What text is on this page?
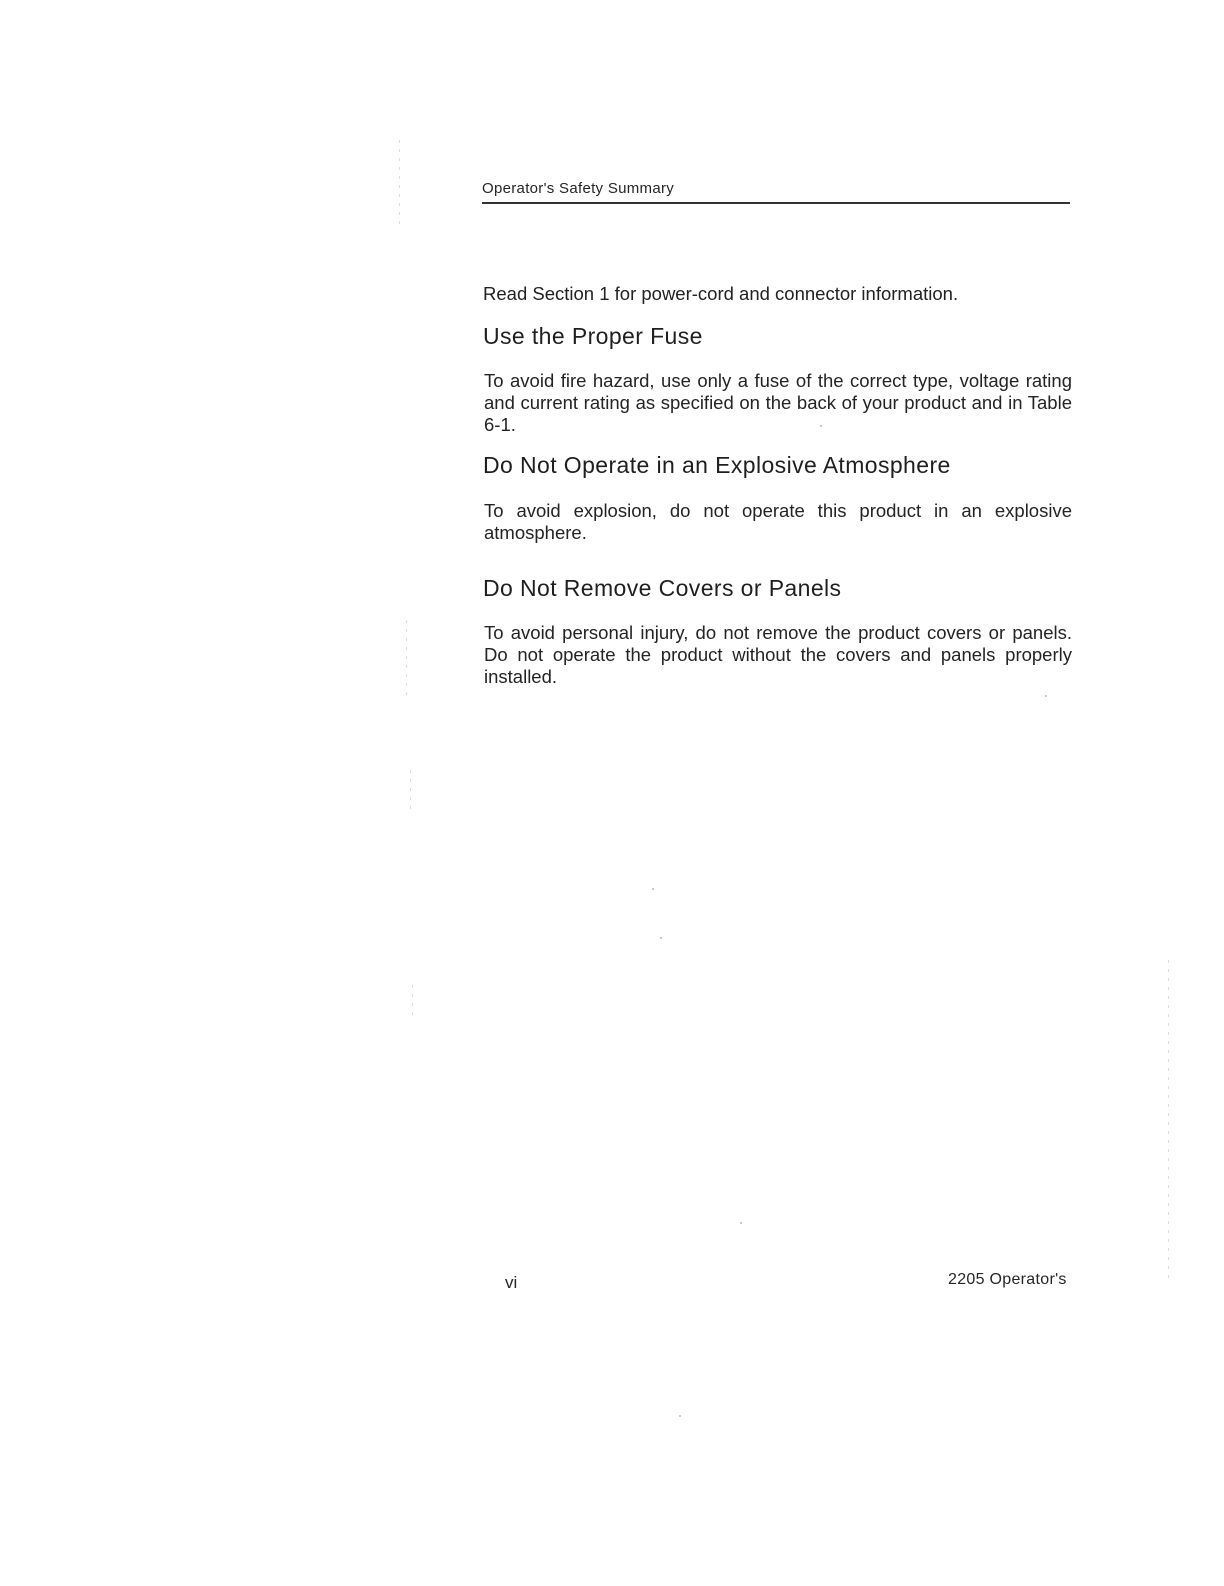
Operator's Safety Summary

Read Section 1 for power-cord and connector information.

Use the Proper Fuse

To avoid fire hazard, use only a fuse of the correct type, voltage rating and current rating as specified on the back of your product and in Table 6-1.

Do Not Operate in an Explosive Atmosphere

To avoid explosion, do not operate this product in an explosive atmosphere.

Do Not Remove Covers or Panels

To avoid personal injury, do not remove the product covers or panels. Do not operate the product without the covers and panels properly installed.

vi	2205 Operator's
